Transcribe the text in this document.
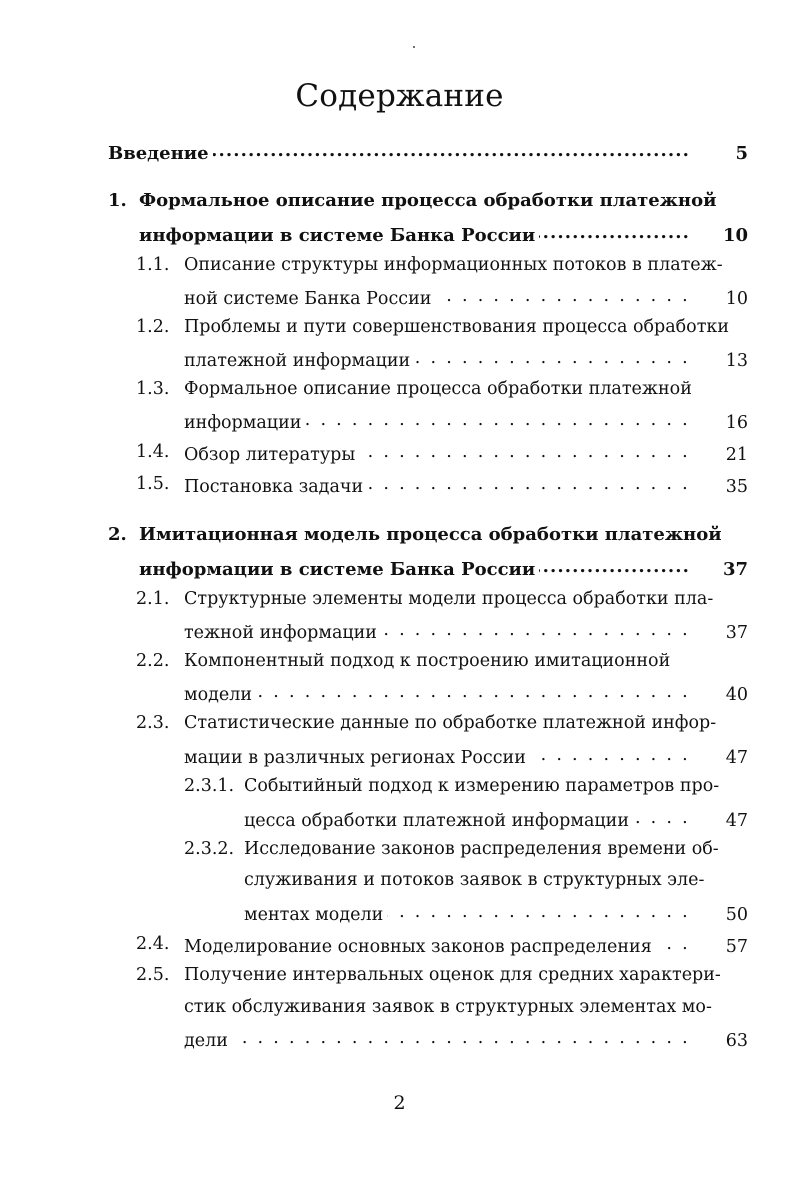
Содержание
Введение .....	5
1. Формальное описание процесса обработки платежной
информации в системе Банка России .....	10
1.1. Описание структуры информационных потоков в платеж-
ной системе Банка России . . .	10
1.2. Проблемы и пути совершенствования процесса обработки
платежной информации . . .	13
1.3. Формальное описание процесса обработки платежной
информации . . .	16
1.4. Обзор литературы . . .	21
1.5. Постановка задачи . . .	35
2. Имитационная модель процесса обработки платежной
информации в системе Банка России .....	37
2.1. Структурные элементы модели процесса обработки пла-
тежной информации . . .	37
2.2. Компонентный подход к построению имитационной
модели . . .	40
2.3. Статистические данные по обработке платежной инфор-
мации в различных регионах России . . .	47
2.3.1. Событийный подход к измерению параметров про-
цесса обработки платежной информации . . .	47
2.3.2. Исследование законов распределения времени об-
служивания и потоков заявок в структурных эле-
ментах модели . . .	50
2.4. Моделирование основных законов распределения . . .	57
2.5. Получение интервальных оценок для средних характери-
стик обслуживания заявок в структурных элементах мо-
дели . . .	63
2
